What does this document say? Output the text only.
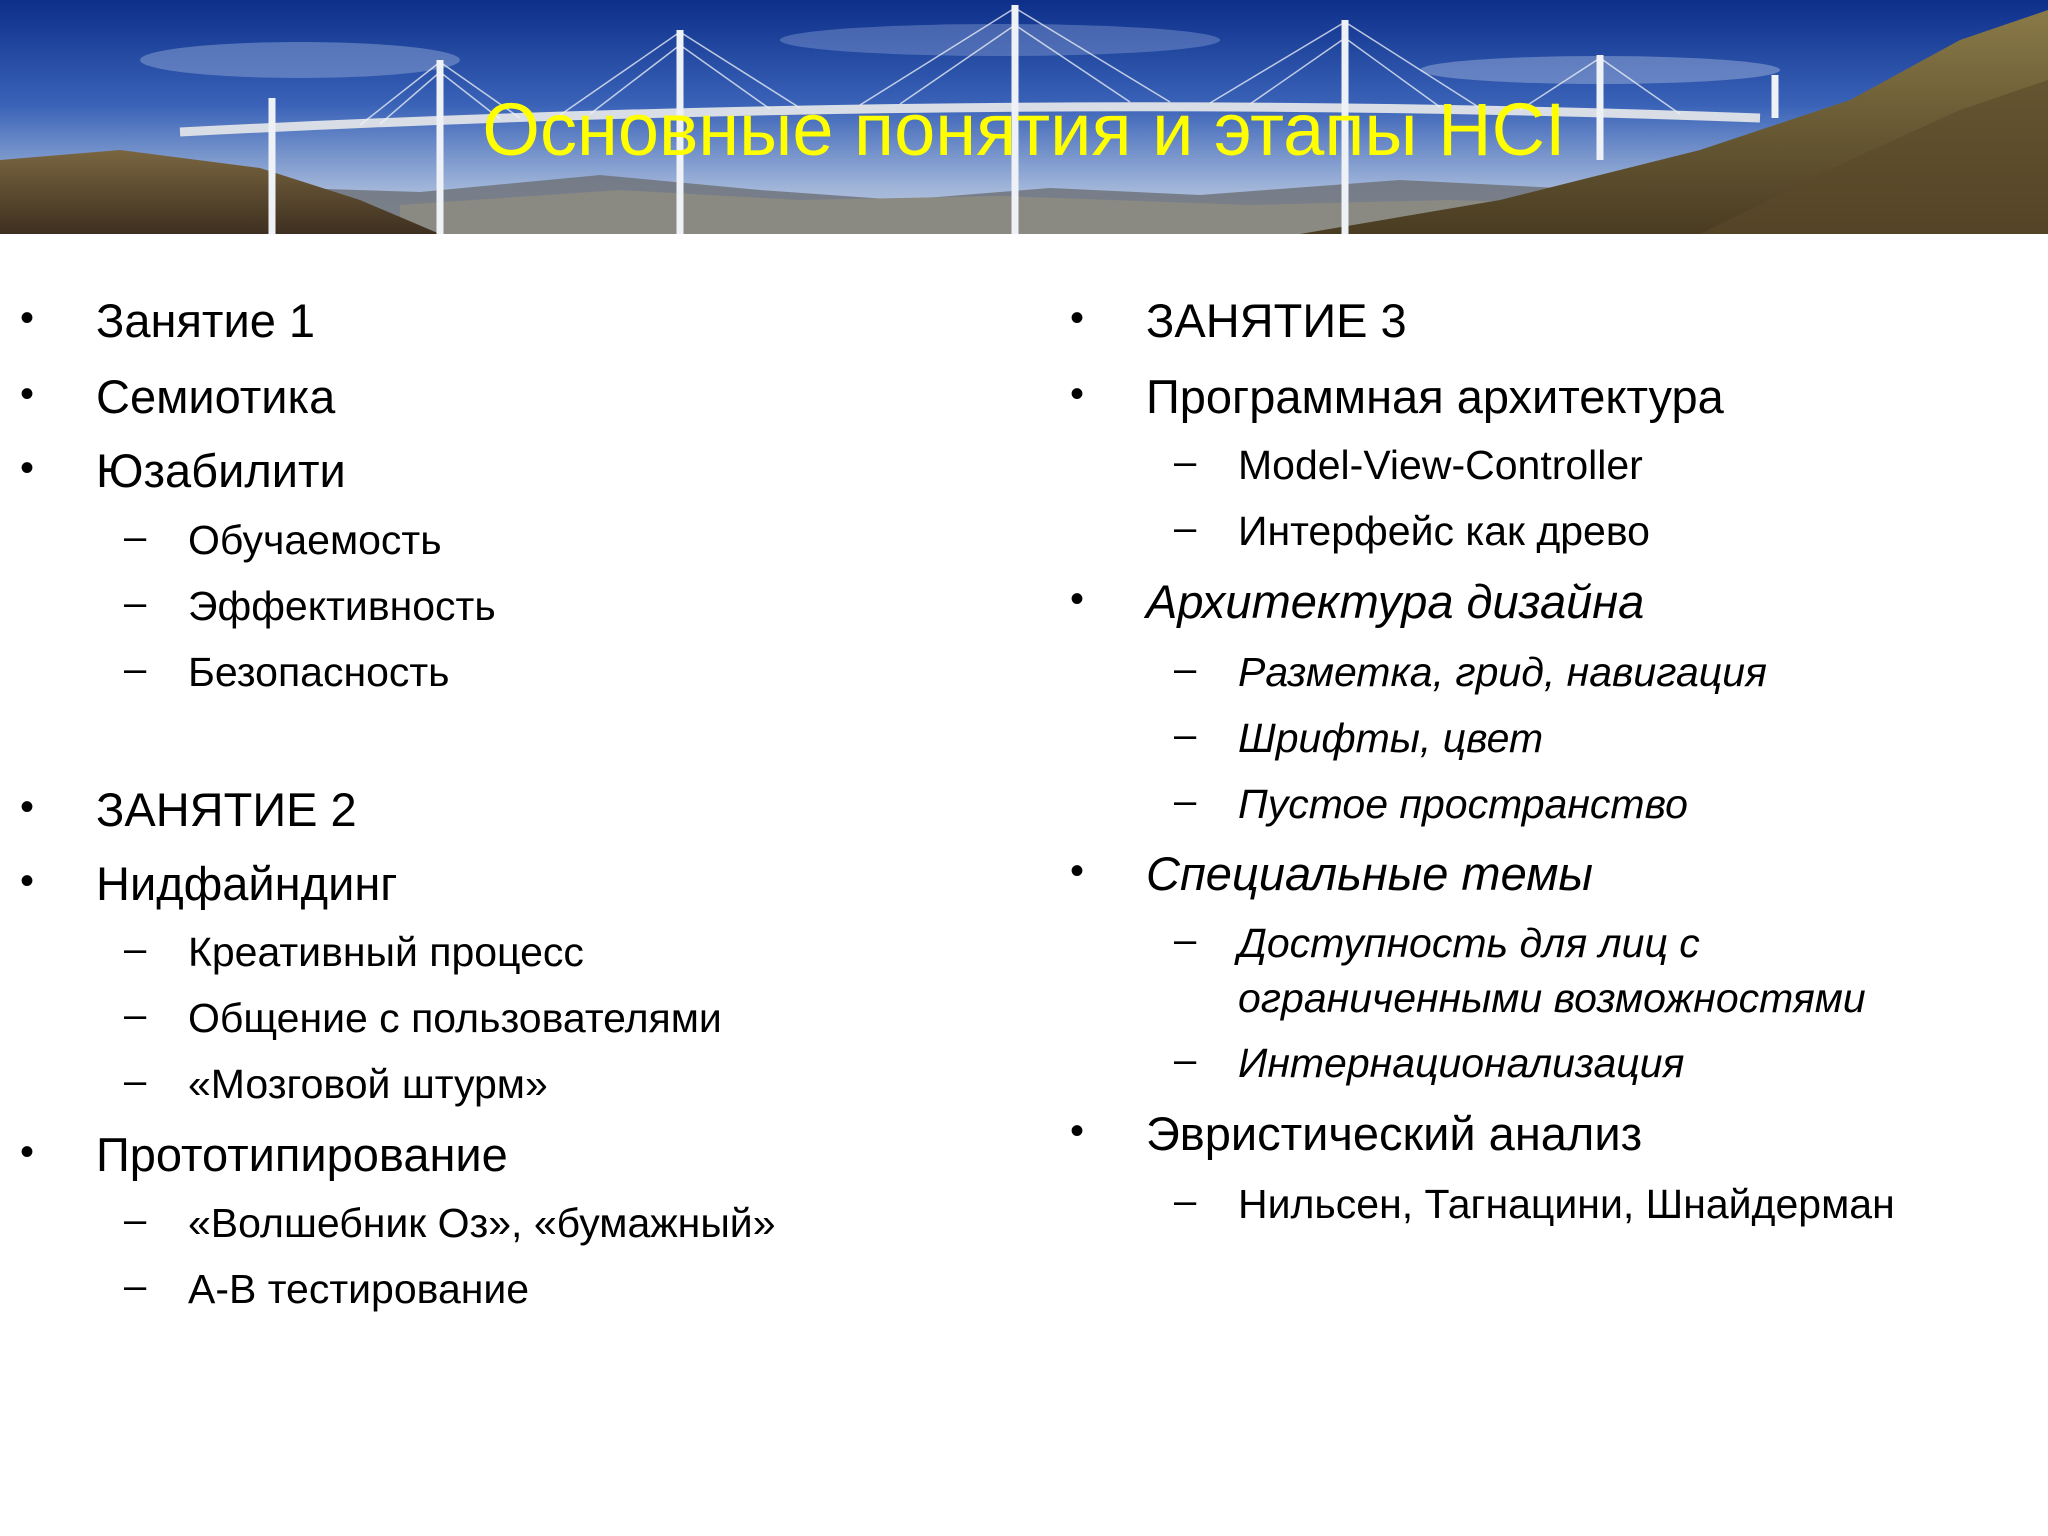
Основные понятия и этапы HCI
• Занятие 1
• Семиотика
• Юзабилити
– Обучаемость
– Эффективность
– Безопасность
• ЗАНЯТИЕ 2
• Нидфайндинг
– Креативный процесс
– Общение с пользователями
– «Мозговой штурм»
• Прототипирование
– «Волшебник Оз», «бумажный»
– A-B тестирование
• ЗАНЯТИЕ 3
• Программная архитектура
– Model-View-Controller
– Интерфейс как древо
• Архитектура дизайна
– Разметка, грид, навигация
– Шрифты, цвет
– Пустое пространство
• Специальные темы
– Доступность для лиц с
ограниченными возможностями
– Интернационализация
• Эвристический анализ
– Нильсен, Тагнацини, Шнайдерман
